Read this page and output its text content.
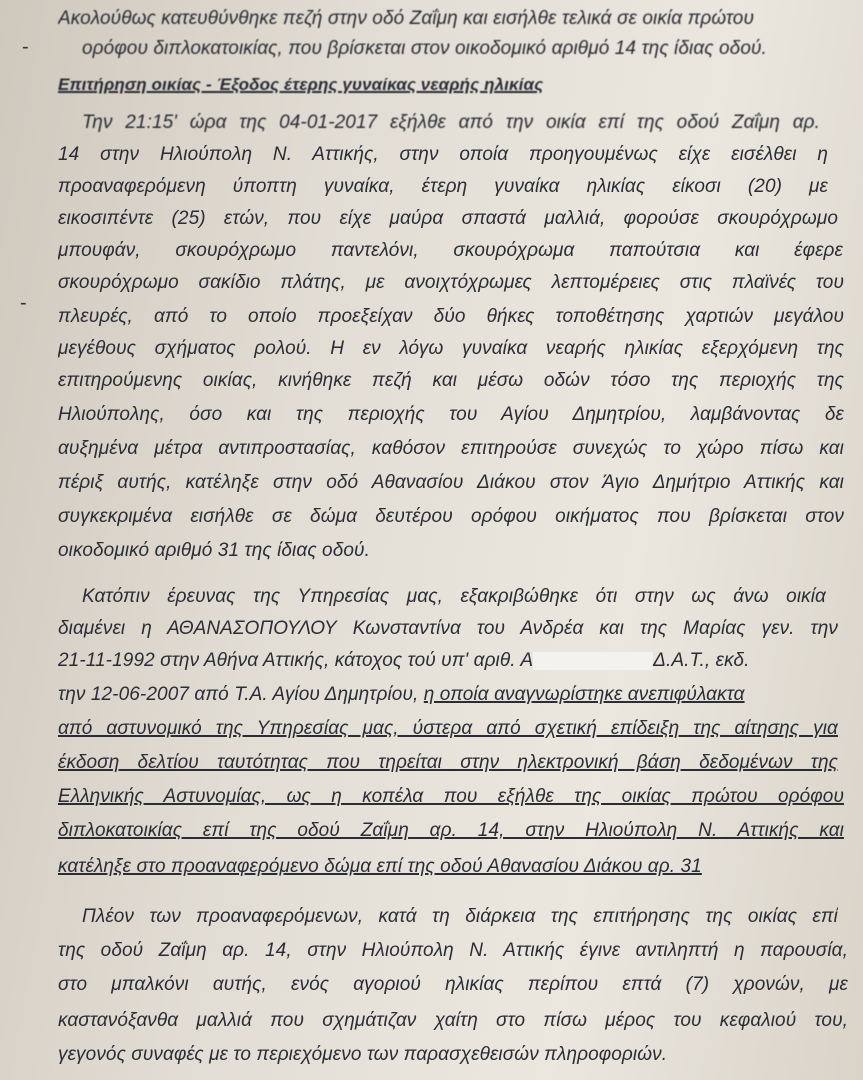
-
-
Ακολούθως κατευθύνθηκε πεζή στην οδό Ζαΐμη και εισήλθε τελικά σε οικία πρώτου
ορόφου διπλοκατοικίας, που βρίσκεται στον οικοδομικό αριθμό 14 της ίδιας οδού.
Επιτήρηση οικίας - Έξοδος έτερης γυναίκας νεαρής ηλικίας
Την 21:15' ώρα της 04-01-2017 εξήλθε από την οικία επί της οδού Ζαΐμη αρ.
14 στην Ηλιούπολη Ν. Αττικής, στην οποία προηγουμένως είχε εισέλθει η
προαναφερόμενη ύποπτη γυναίκα, έτερη γυναίκα ηλικίας είκοσι (20) με
εικοσιπέντε (25) ετών, που είχε μαύρα σπαστά μαλλιά, φορούσε σκουρόχρωμο
μπουφάν, σκουρόχρωμο παντελόνι, σκουρόχρωμα παπούτσια και έφερε
σκουρόχρωμο σακίδιο πλάτης, με ανοιχτόχρωμες λεπτομέρειες στις πλαϊνές του
πλευρές, από το οποίο προεξείχαν δύο θήκες τοποθέτησης χαρτιών μεγάλου
μεγέθους σχήματος ρολού. Η εν λόγω γυναίκα νεαρής ηλικίας εξερχόμενη της
επιτηρούμενης οικίας, κινήθηκε πεζή και μέσω οδών τόσο της περιοχής της
Ηλιούπολης, όσο και της περιοχής του Αγίου Δημητρίου, λαμβάνοντας δε
αυξημένα μέτρα αντιπροστασίας, καθόσον επιτηρούσε συνεχώς το χώρο πίσω και
πέριξ αυτής, κατέληξε στην οδό Αθανασίου Διάκου στον Άγιο Δημήτριο Αττικής και
συγκεκριμένα εισήλθε σε δώμα δευτέρου ορόφου οικήματος που βρίσκεται στον
οικοδομικό αριθμό 31 της ίδιας οδού.
Κατόπιν έρευνας της Υπηρεσίας μας, εξακριβώθηκε ότι στην ως άνω οικία
διαμένει η ΑΘΑΝΑΣΟΠΟΥΛΟΥ Κωνσταντίνα του Ανδρέα και της Μαρίας γεν. την
21-11-1992 στην Αθήνα Αττικής, κάτοχος τού υπ' αριθ. Α	Δ.Α.Τ., εκδ.
την 12-06-2007 από Τ.Α. Αγίου Δημητρίου, η οποία αναγνωρίστηκε ανεπιφύλακτα
από αστυνομικό της Υπηρεσίας μας, ύστερα από σχετική επίδειξη της αίτησης για
έκδοση δελτίου ταυτότητας που τηρείται στην ηλεκτρονική βάση δεδομένων της
Ελληνικής Αστυνομίας, ως η κοπέλα που εξήλθε της οικίας πρώτου ορόφου
διπλοκατοικίας επί της οδού Ζαΐμη αρ. 14, στην Ηλιούπολη Ν. Αττικής και
κατέληξε στο προαναφερόμενο δώμα επί της οδού Αθανασίου Διάκου αρ. 31
Πλέον των προαναφερόμενων, κατά τη διάρκεια της επιτήρησης της οικίας επί
της οδού Ζαΐμη αρ. 14, στην Ηλιούπολη Ν. Αττικής έγινε αντιληπτή η παρουσία,
στο μπαλκόνι αυτής, ενός αγοριού ηλικίας περίπου επτά (7) χρονών, με
καστανόξανθα μαλλιά που σχημάτιζαν χαίτη στο πίσω μέρος του κεφαλιού του,
γεγονός συναφές με το περιεχόμενο των παρασχεθεισών πληροφοριών.
